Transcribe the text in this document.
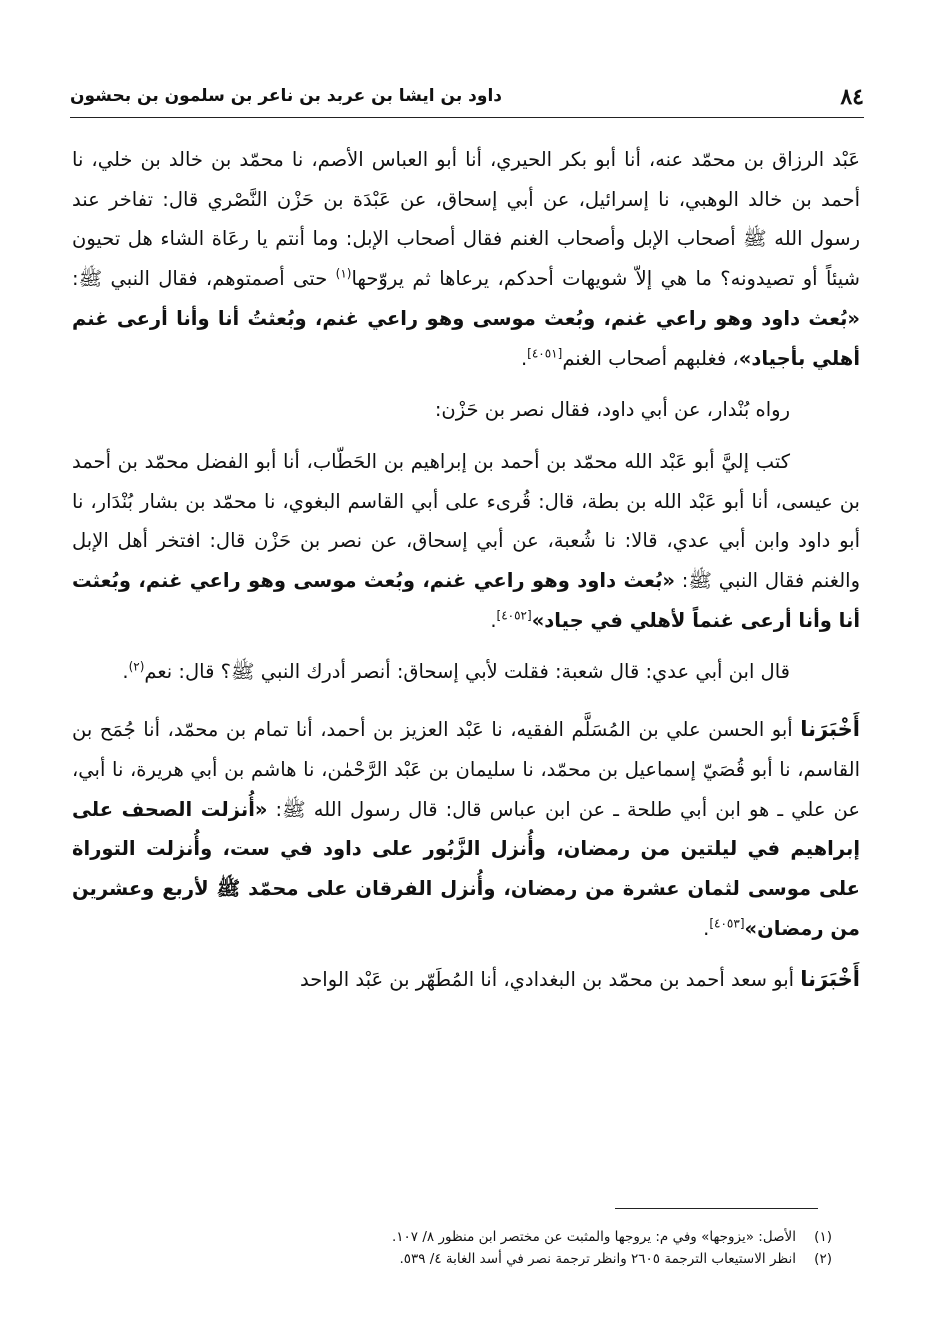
٨٤
داود بن ايشا بن عربد بن ناعر بن سلمون بن بحشون

عَبْد الرزاق بن محمّد عنه، أنا أبو بكر الحيري، أنا أبو العباس الأصم، نا محمّد بن خالد بن خلي، نا أحمد بن خالد الوهبي، نا إسرائيل، عن أبي إسحاق، عن عَبْدَة بن حَزْن النَّصْري قال: تفاخر عند رسول الله ﷺ أصحاب الإبل وأصحاب الغنم فقال أصحاب الإبل: وما أنتم يا رعَاة الشاء هل تحيون شيئاً أو تصيدونه؟ ما هي إلاّ شويهات أحدكم، يرعاها ثم يروّحها$^{(١)}$ حتى أصمتوهم، فقال النبي ﷺ: «بُعث داود وهو راعي غنم، وبُعث موسى وهو راعي غنم، وبُعثتُ أنا وأنا أرعى غنم أهلي بأجياد»، فغلبهم أصحاب الغنم[٤٠٥١].

رواه بُنْدار، عن أبي داود، فقال نصر بن حَزْن:

كتب إليَّ أبو عَبْد الله محمّد بن أحمد بن إبراهيم بن الحَطّاب، أنا أبو الفضل محمّد بن أحمد بن عيسى، أنا أبو عَبْد الله بن بطة، قال: قُرىء على أبي القاسم البغوي، نا محمّد بن بشار بُنْدَار، نا أبو داود وابن أبي عدي، قالا: نا شُعبة، عن أبي إسحاق، عن نصر بن حَزْن قال: افتخر أهل الإبل والغنم فقال النبي ﷺ: «بُعث داود وهو راعي غنم، وبُعث موسى وهو راعي غنم، وبُعثت أنا وأنا أرعى غنماً لأهلي في جياد»[٤٠٥٢].

قال ابن أبي عدي: قال شعبة: فقلت لأبي إسحاق: أنصر أدرك النبي ﷺ؟ قال: نعم$^{(٢)}$.

أَخْبَرَنا أبو الحسن علي بن المُسَلَّم الفقيه، نا عَبْد العزيز بن أحمد، أنا تمام بن محمّد، أنا جُمَح بن القاسم، نا أبو قُصَيّ إسماعيل بن محمّد، نا سليمان بن عَبْد الرَّحْمٰن، نا هاشم بن أبي هريرة، نا أبي، عن علي ـ هو ابن أبي طلحة ـ عن ابن عباس قال: قال رسول الله ﷺ: «أُنزلت الصحف على إبراهيم في ليلتين من رمضان، وأُنزل الزَّبُور على داود في ست، وأُنزلت التوراة على موسى لثمان عشرة من رمضان، وأُنزل الفرقان على محمّد ﷺ لأربع وعشرين من رمضان»[٤٠٥٣].

أَخْبَرَنا أبو سعد أحمد بن محمّد بن البغدادي، أنا المُطَهّر بن عَبْد الواحد

(١)الأصل: «يزوجها» وفي م: يروجها والمثبت عن مختصر ابن منظور ٨/ ١٠٧.
(٢)انظر الاستيعاب الترجمة ٢٦٠٥ وانظر ترجمة نصر في أسد الغابة ٤/ ٥٣٩.
